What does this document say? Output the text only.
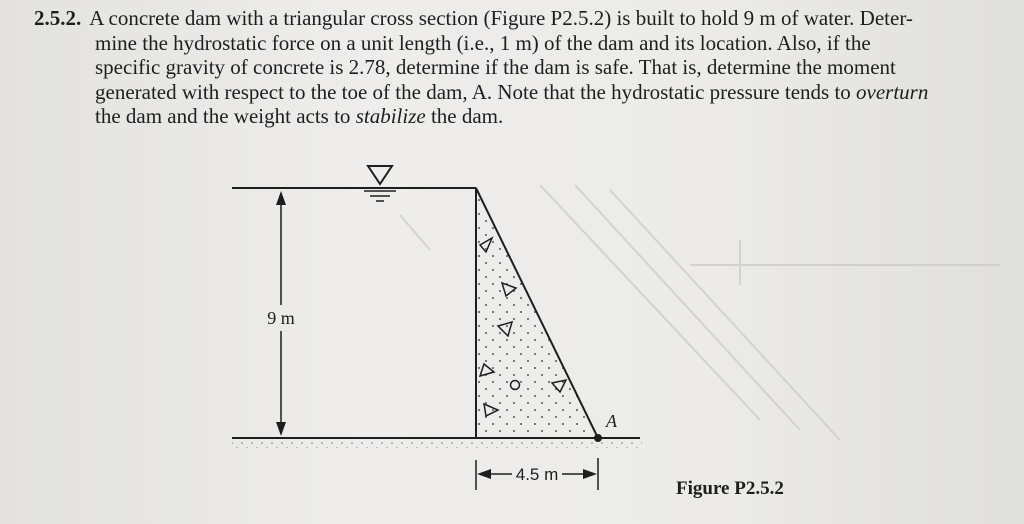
2.5.2. A concrete dam with a triangular cross section (Figure P2.5.2) is built to hold 9 m of water. Deter-
mine the hydrostatic force on a unit length (i.e., 1 m) of the dam and its location. Also, if the
specific gravity of concrete is 2.78, determine if the dam is safe. That is, determine the moment
generated with respect to the toe of the dam, A. Note that the hydrostatic pressure tends to overturn
the dam and the weight acts to stabilize the dam.
9 m
A
4.5 m
Figure P2.5.2
